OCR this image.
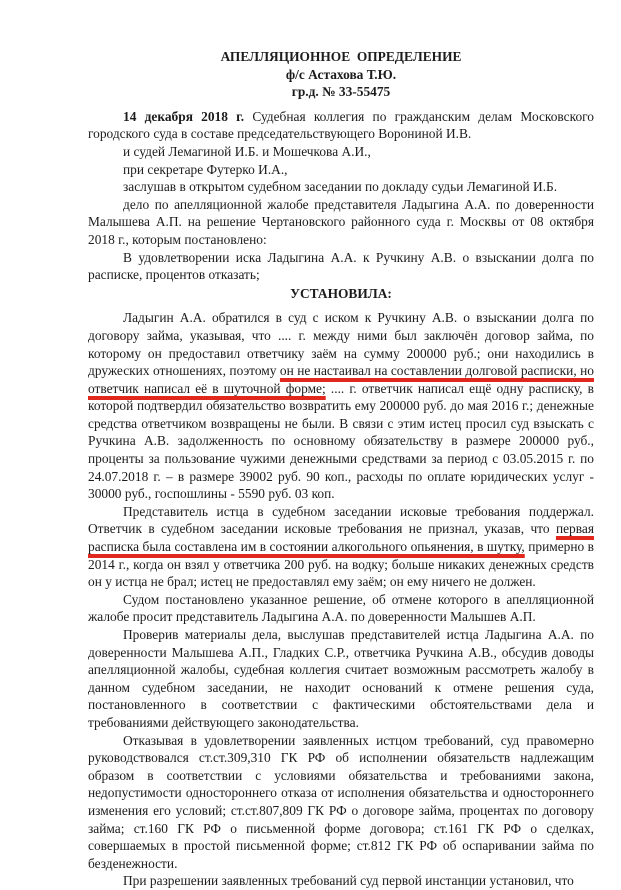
АПЕЛЛЯЦИОННОЕ  ОПРЕДЕЛЕНИЕ
ф/с Астахова Т.Ю.
гр.д. № 33-55475

14 декабря 2018 г. Судебная коллегия по гражданским делам Московского городского суда в составе председательствующего Ворониной И.В.

и судей Лемагиной И.Б. и Мошечкова А.И.,

при секретаре Футерко И.А.,

заслушав в открытом судебном заседании по докладу судьи Лемагиной И.Б.

дело по апелляционной жалобе представителя Ладыгина А.А. по доверенности Малышева А.П. на решение Чертановского районного суда г. Москвы от 08 октября 2018 г., которым постановлено:

В удовлетворении иска Ладыгина А.А. к Ручкину А.В. о взыскании долга по расписке, процентов отказать;

УСТАНОВИЛА:

Ладыгин А.А. обратился в суд с иском к Ручкину А.В. о взыскании долга по договору займа, указывая, что .... г. между ними был заключён договор займа, по которому он предоставил ответчику заём на сумму 200000 руб.; они находились в дружеских отношениях, поэтому он не настаивал на составлении долговой расписки, но ответчик написал её в шуточной форме; .... г. ответчик написал ещё одну расписку, в которой подтвердил обязательство возвратить ему 200000 руб. до мая 2016 г.; денежные средства ответчиком возвращены не были. В связи с этим истец просил суд взыскать с Ручкина А.В. задолженность по основному обязательству в размере 200000 руб., проценты за пользование чужими денежными средствами за период с 03.05.2015 г. по 24.07.2018 г. – в размере 39002 руб. 90 коп., расходы по оплате юридических услуг - 30000 руб., госпошлины - 5590 руб. 03 коп.

Представитель истца в судебном заседании исковые требования поддержал. Ответчик в судебном заседании исковые требования не признал, указав, что первая расписка была составлена им в состоянии алкогольного опьянения, в шутку, примерно в 2014 г., когда он взял у ответчика 200 руб. на водку; больше никаких денежных средств он у истца не брал; истец не предоставлял ему заём; он ему ничего не должен.

Судом постановлено указанное решение, об отмене которого в апелляционной жалобе просит представитель Ладыгина А.А. по доверенности Малышев А.П.

Проверив материалы дела, выслушав представителей истца Ладыгина А.А. по доверенности Малышева А.П., Гладких С.Р., ответчика Ручкина А.В., обсудив доводы апелляционной жалобы, судебная коллегия считает возможным рассмотреть жалобу в данном судебном заседании, не находит оснований к отмене решения суда, постановленного в соответствии с фактическими обстоятельствами дела и требованиями действующего законодательства.

Отказывая в удовлетворении заявленных истцом требований, суд правомерно руководствовался ст.ст.309,310 ГК РФ об исполнении обязательств надлежащим образом в соответствии с условиями обязательства и требованиями закона, недопустимости одностороннего отказа от исполнения обязательства и одностороннего изменения его условий; ст.ст.807,809 ГК РФ о договоре займа, процентах по договору займа; ст.160 ГК РФ о письменной форме договора; ст.161 ГК РФ о сделках, совершаемых в простой письменной форме; ст.812 ГК РФ об оспаривании займа по безденежности.

При разрешении заявленных требований суд первой инстанции установил, что
